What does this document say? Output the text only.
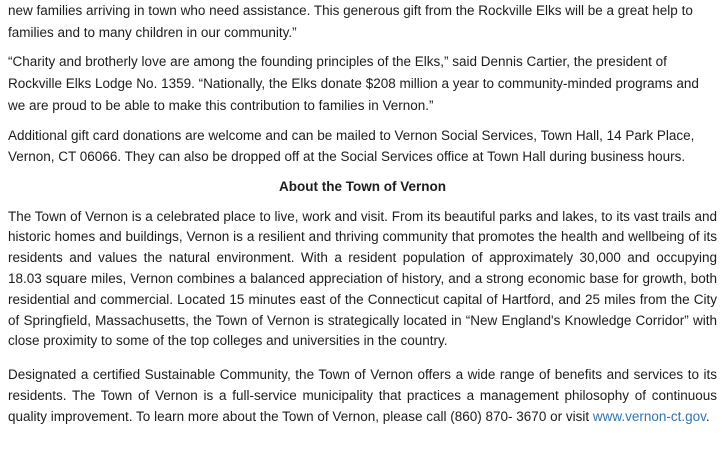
new families arriving in town who need assistance. This generous gift from the Rockville Elks will be a great help to families and to many children in our community.”

“Charity and brotherly love are among the founding principles of the Elks,” said Dennis Cartier, the president of Rockville Elks Lodge No. 1359. “Nationally, the Elks donate $208 million a year to community-minded programs and we are proud to be able to make this contribution to families in Vernon.”

Additional gift card donations are welcome and can be mailed to Vernon Social Services, Town Hall, 14 Park Place, Vernon, CT 06066. They can also be dropped off at the Social Services office at Town Hall during business hours.

About the Town of Vernon

The Town of Vernon is a celebrated place to live, work and visit. From its beautiful parks and lakes, to its vast trails and historic homes and buildings, Vernon is a resilient and thriving community that promotes the health and wellbeing of its residents and values the natural environment. With a resident population of approximately 30,000 and occupying 18.03 square miles, Vernon combines a balanced appreciation of history, and a strong economic base for growth, both residential and commercial. Located 15 minutes east of the Connecticut capital of Hartford, and 25 miles from the City of Springfield, Massachusetts, the Town of Vernon is strategically located in “New England's Knowledge Corridor” with close proximity to some of the top colleges and universities in the country.

Designated a certified Sustainable Community, the Town of Vernon offers a wide range of benefits and services to its residents. The Town of Vernon is a full-service municipality that practices a management philosophy of continuous quality improvement. To learn more about the Town of Vernon, please call (860) 870- 3670 or visit www.vernon-ct.gov.
